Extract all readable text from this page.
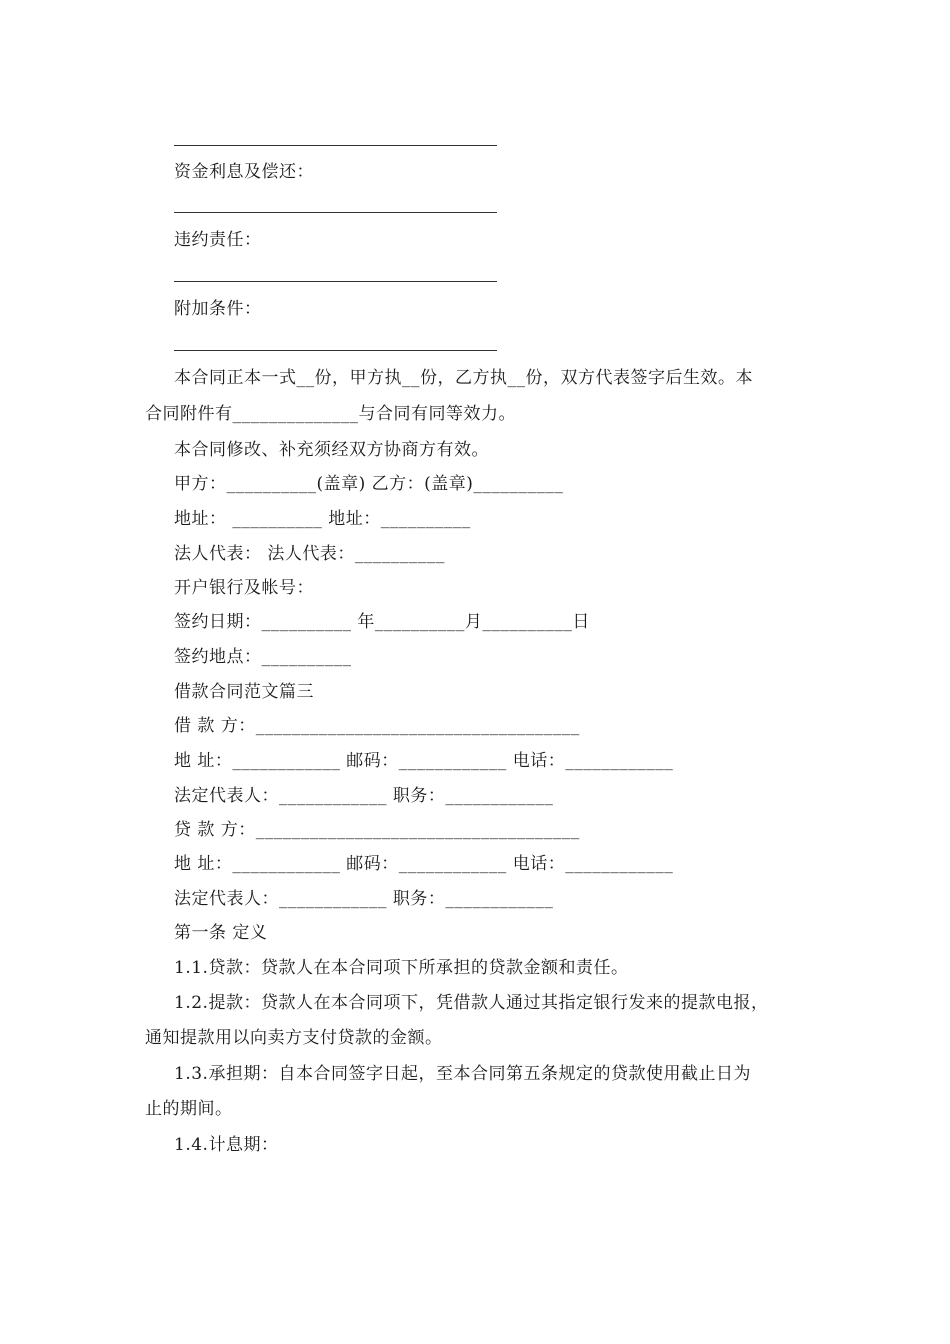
资金利息及偿还：
违约责任：
附加条件：
本合同正本一式__份，甲方执__份，乙方执__份，双方代表签字后生效。本
合同附件有______________与合同有同等效力。
本合同修改、补充须经双方协商方有效。
甲方：__________(盖章) 乙方：(盖章)__________
地址： __________ 地址：__________
法人代表： 法人代表：__________
开户银行及帐号：
签约日期：__________ 年__________月__________日
签约地点：__________
借款合同范文篇三
借 款 方：____________________________________
地 址：____________ 邮码：____________ 电话：____________
法定代表人：____________ 职务：____________
贷 款 方：____________________________________
地 址：____________ 邮码：____________ 电话：____________
法定代表人：____________ 职务：____________
第一条 定义
1.1.贷款：贷款人在本合同项下所承担的贷款金额和责任。
1.2.提款：贷款人在本合同项下，凭借款人通过其指定银行发来的提款电报，
通知提款用以向卖方支付贷款的金额。
1.3.承担期：自本合同签字日起，至本合同第五条规定的贷款使用截止日为
止的期间。
1.4.计息期：
